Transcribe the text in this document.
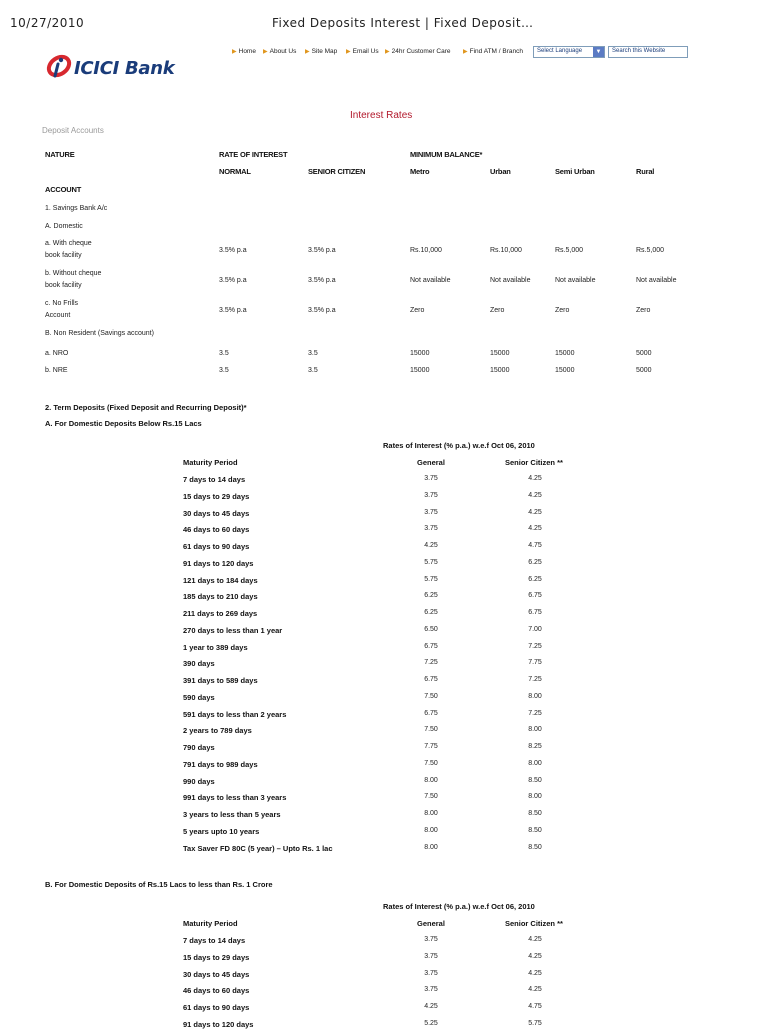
10/27/2010	Fixed Deposits Interest | Fixed Deposit…
ICICI Bank
▶ Home ▶ About Us ▶ Site Map ▶ Email Us ▶ 24hr Customer Care ▶ Find ATM / Branch	Select Language	▼	Search this Website
Interest Rates
Deposit Accounts
NATURE	RATE OF INTEREST	MINIMUM BALANCE*
NORMAL	SENIOR CITIZEN	Metro	Urban	Semi Urban	Rural
ACCOUNT
1. Savings Bank A/c
A. Domestic
a. With cheque
book facility
3.5% p.a	3.5% p.a	Rs.10,000	Rs.10,000	Rs.5,000	Rs.5,000
b. Without cheque
book facility
3.5% p.a	3.5% p.a	Not available	Not available	Not available	Not available
c. No Frills
Account
3.5% p.a	3.5% p.a	Zero	Zero	Zero	Zero
B. Non Resident (Savings account)
a. NRO	3.5	3.5	15000	15000	15000	5000
b. NRE	3.5	3.5	15000	15000	15000	5000
2. Term Deposits (Fixed Deposit and Recurring Deposit)*
A. For Domestic Deposits Below Rs.15 Lacs
Rates of Interest (% p.a.) w.e.f Oct 06, 2010
Maturity Period	General	Senior Citizen **
7 days to 14 days	3.75	4.25
15 days to 29 days	3.75	4.25
30 days to 45 days	3.75	4.25
46 days to 60 days	3.75	4.25
61 days to 90 days	4.25	4.75
91 days to 120 days	5.75	6.25
121 days to 184 days	5.75	6.25
185 days to 210 days	6.25	6.75
211 days to 269 days	6.25	6.75
270 days to less than 1 year	6.50	7.00
1 year to 389 days	6.75	7.25
390 days	7.25	7.75
391 days to 589 days	6.75	7.25
590 days	7.50	8.00
591 days to less than 2 years	6.75	7.25
2 years to 789 days	7.50	8.00
790 days	7.75	8.25
791 days to 989 days	7.50	8.00
990 days	8.00	8.50
991 days to less than 3 years	7.50	8.00
3 years to less than 5 years	8.00	8.50
5 years upto 10 years	8.00	8.50
Tax Saver FD 80C (5 year) – Upto Rs. 1 lac	8.00	8.50
B. For Domestic Deposits of Rs.15 Lacs to less than Rs. 1 Crore
Rates of Interest (% p.a.) w.e.f Oct 06, 2010
Maturity Period	General	Senior Citizen **
7 days to 14 days	3.75	4.25
15 days to 29 days	3.75	4.25
30 days to 45 days	3.75	4.25
46 days to 60 days	3.75	4.25
61 days to 90 days	4.25	4.75
91 days to 120 days	5.25	5.75
